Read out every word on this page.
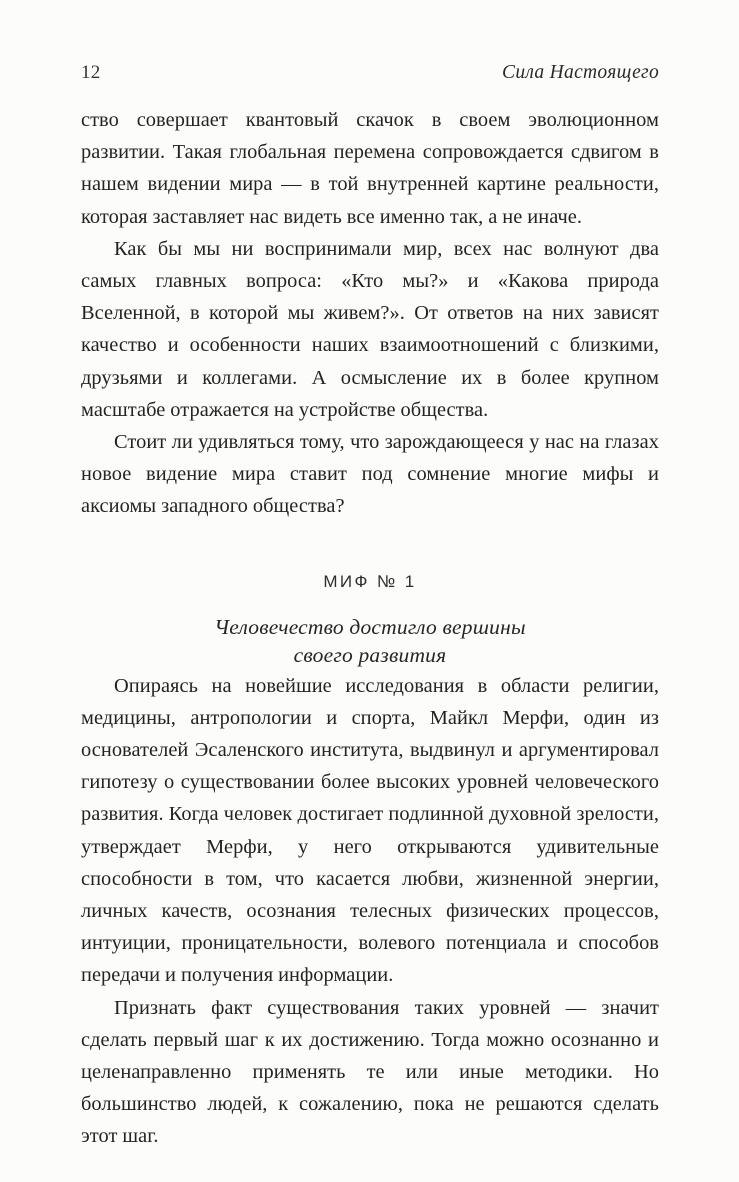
12	Сила Настоящего

ство совершает квантовый скачок в своем эволюционном развитии. Такая глобальная перемена сопровождается сдвигом в нашем видении мира — в той внутренней картине реальности, которая заставляет нас видеть все именно так, а не иначе.

Как бы мы ни воспринимали мир, всех нас волнуют два самых главных вопроса: «Кто мы?» и «Какова природа Вселенной, в которой мы живем?». От ответов на них зависят качество и особенности наших взаимоотношений с близкими, друзьями и коллегами. А осмысление их в более крупном масштабе отражается на устройстве общества.

Стоит ли удивляться тому, что зарождающееся у нас на глазах новое видение мира ставит под сомнение многие мифы и аксиомы западного общества?

МИФ № 1
Человечество достигло вершины
своего развития

Опираясь на новейшие исследования в области религии, медицины, антропологии и спорта, Майкл Мерфи, один из основателей Эсаленского института, выдвинул и аргументировал гипотезу о существовании более высоких уровней человеческого развития. Когда человек достигает подлинной духовной зрелости, утверждает Мерфи, у него открываются удивительные способности в том, что касается любви, жизненной энергии, личных качеств, осознания телесных физических процессов, интуиции, проницательности, волевого потенциала и способов передачи и получения информации.

Признать факт существования таких уровней — значит сделать первый шаг к их достижению. Тогда можно осознанно и целенаправленно применять те или иные методики. Но большинство людей, к сожалению, пока не решаются сделать этот шаг.
